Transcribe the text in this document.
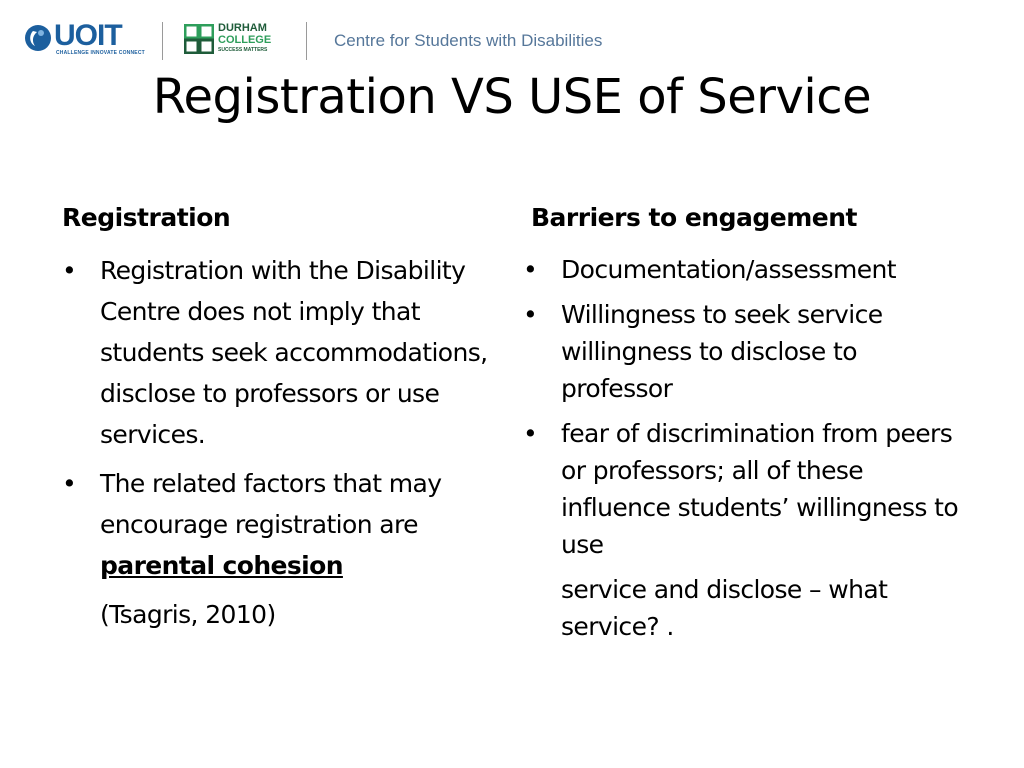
UOIT
CHALLENGE INNOVATE CONNECT
DURHAM
COLLEGE
SUCCESS MATTERS	Centre for Students with Disabilities
Registration VS USE of Service
Registration
• Registration with the Disability Centre does not imply that students seek accommodations, disclose to professors or use services.
• The related factors that may encourage registration are parental cohesion
(Tsagris, 2010)
Barriers to engagement
• Documentation/assessment
• Willingness to seek service willingness to disclose to professor
• fear of discrimination from peers or professors; all of these influence students’ willingness to use
service and disclose – what service? .
